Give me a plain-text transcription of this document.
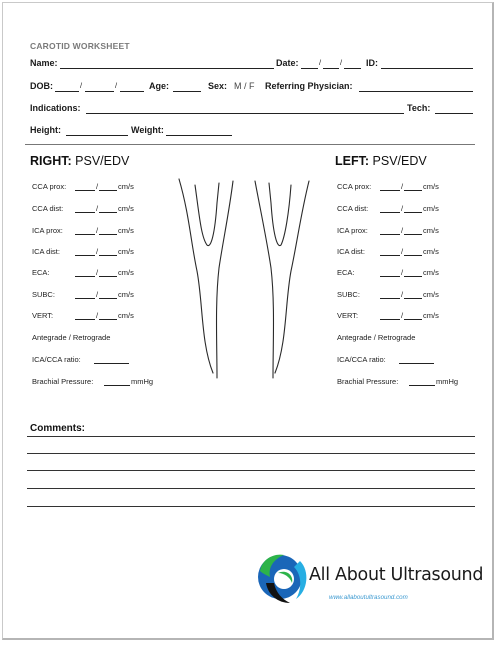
CAROTID WORKSHEET
Name:	Date:	/	/	ID:
DOB:	/	/	Age:	Sex: M / F Referring Physician:
Indications:	Tech:
Height:	Weight:
RIGHT: PSV/EDV	LEFT: PSV/EDV
CCA prox:	/	cm/s
CCA dist:	/	cm/s
ICA prox:	/	cm/s
ICA dist:	/	cm/s
ECA:	/	cm/s
SUBC:	/	cm/s
VERT:	/	cm/s
CCA prox:	/	cm/s
CCA dist:	/	cm/s
ICA prox:	/	cm/s
ICA dist:	/	cm/s
ECA:	/	cm/s
SUBC:	/	cm/s
VERT:	/	cm/s
Antegrade / Retrograde
ICA/CCA ratio:
Brachial Pressure:	mmHg
Antegrade / Retrograde
ICA/CCA ratio:
Brachial Pressure:	mmHg
Comments:
All About Ultrasound
www.allaboutultrasound.com
